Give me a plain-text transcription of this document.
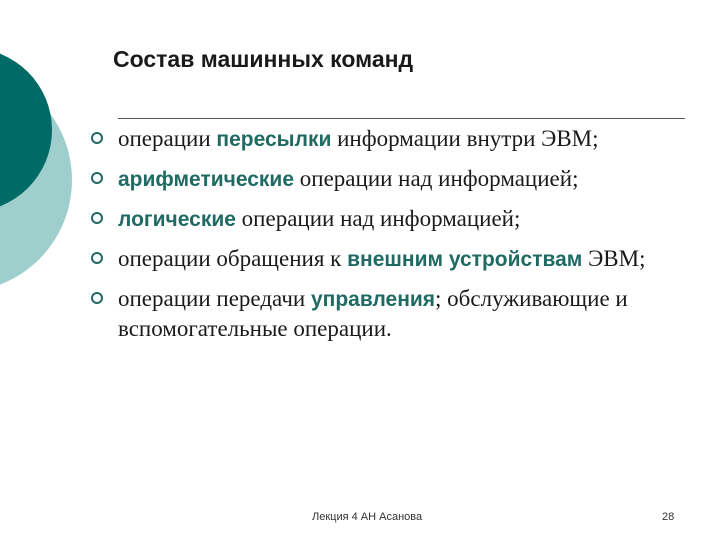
Состав машинных команд
операции пересылки информации внутри ЭВМ;
арифметические операции над информацией;
логические операции над информацией;
операции обращения к внешним устройствам ЭВМ;
операции передачи управления; обслуживающие и вспомогательные операции.
Лекция 4 АН Асанова	28
